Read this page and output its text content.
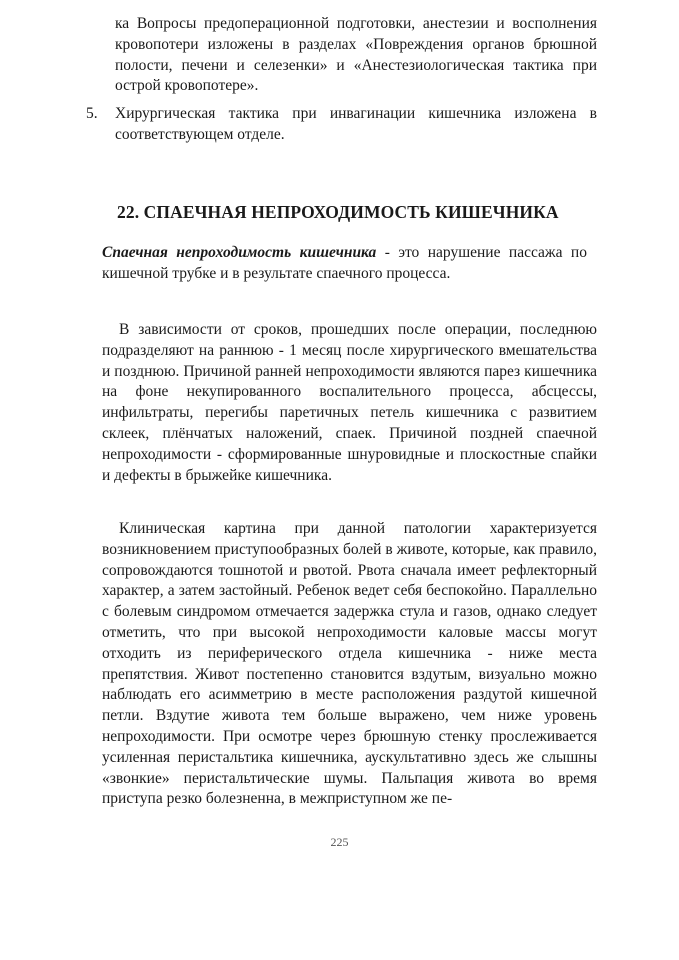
ка Вопросы предоперационной подготовки, анестезии и восполнения кровопотери изложены в разделах «Повреждения органов брюшной полости, печени и селезенки» и «Анестезиологическая тактика при острой кровопотере».

5. Хирургическая тактика при инвагинации кишечника изложена в соответствующем отделе.

22. СПАЕЧНАЯ НЕПРОХОДИМОСТЬ КИШЕЧНИКА

Спаечная непроходимость кишечника - это нарушение пассажа по кишечной трубке и в результате спаечного процесса.

В зависимости от сроков, прошедших после операции, последнюю подразделяют на раннюю - 1 месяц после хирургического вмешательства и позднюю. Причиной ранней непроходимости являются парез кишечника на фоне некупированного воспалительного процесса, абсцессы, инфильтраты, перегибы паретичных петель кишечника с развитием склеек, плёнчатых наложений, спаек. Причиной поздней спаечной непроходимости - сформированные шнуровидные и плоскостные спайки и дефекты в брыжейке кишечника.

Клиническая картина при данной патологии характеризуется возникновением приступообразных болей в животе, которые, как правило, сопровождаются тошнотой и рвотой. Рвота сначала имеет рефлекторный характер, а затем застойный. Ребенок ведет себя беспокойно. Параллельно с болевым синдромом отмечается задержка стула и газов, однако следует отметить, что при высокой непроходимости каловые массы могут отходить из периферического отдела кишечника - ниже места препятствия. Живот постепенно становится вздутым, визуально можно наблюдать его асимметрию в месте расположения раздутой кишечной петли. Вздутие живота тем больше выражено, чем ниже уровень непроходимости. При осмотре через брюшную стенку прослеживается усиленная перистальтика кишечника, аускультативно здесь же слышны «звонкие» перистальтические шумы. Пальпация живота во время приступа резко болезненна, в межприступном же пе-

225
